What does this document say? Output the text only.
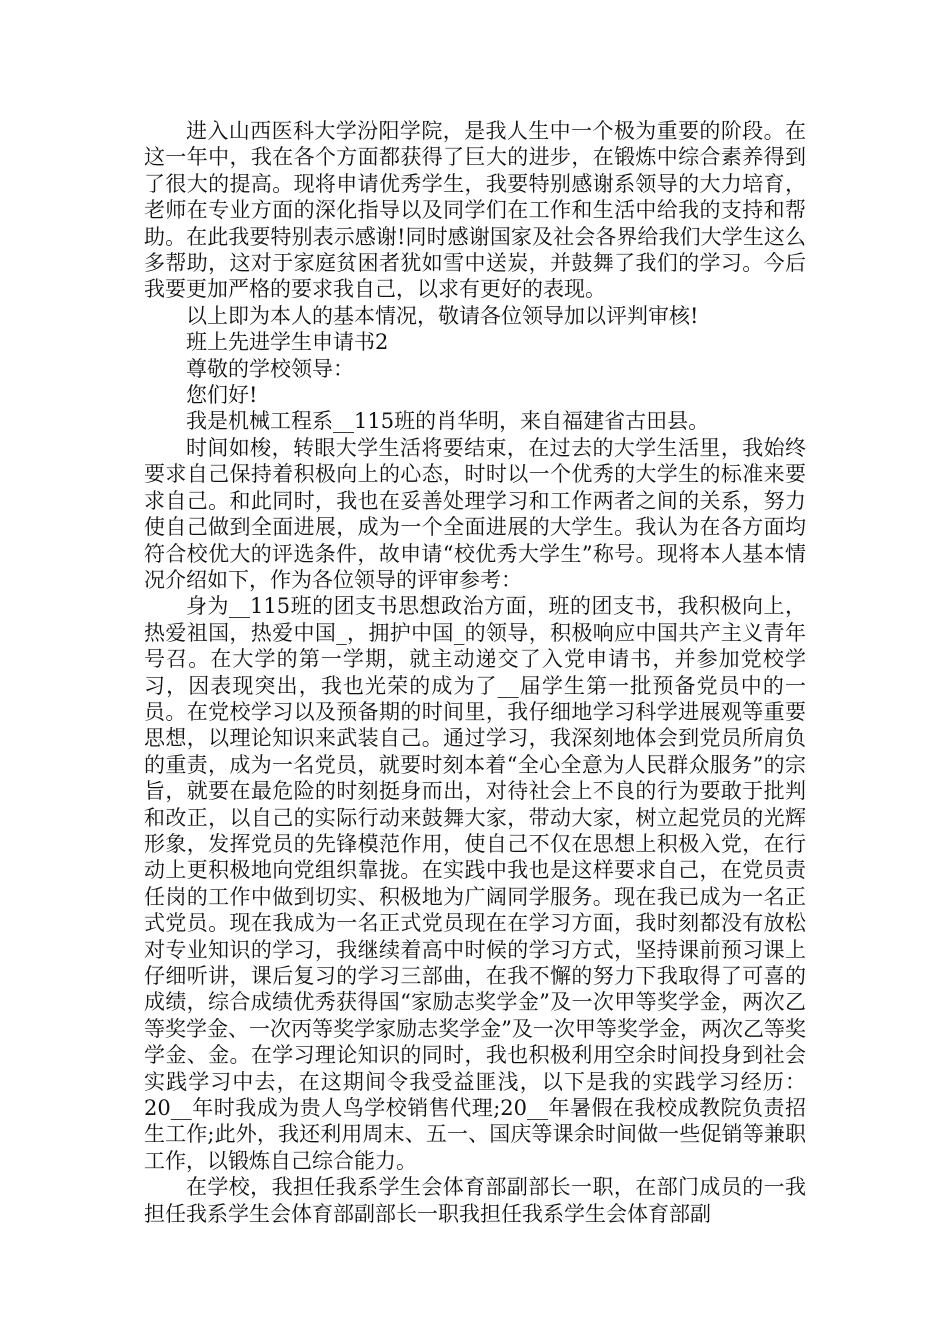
进入山西医科大学汾阳学院，是我人生中一个极为重要的阶段。在这一年中，我在各个方面都获得了巨大的进步，在锻炼中综合素养得到了很大的提高。现将申请优秀学生，我要特别感谢系领导的大力培育，老师在专业方面的深化指导以及同学们在工作和生活中给我的支持和帮助。在此我要特别表示感谢!同时感谢国家及社会各界给我们大学生这么多帮助，这对于家庭贫困者犹如雪中送炭，并鼓舞了我们的学习。今后我要更加严格的要求我自己，以求有更好的表现。

以上即为本人的基本情况，敬请各位领导加以评判审核!

班上先进学生申请书2

尊敬的学校领导：

您们好!

我是机械工程系__115班的肖华明，来自福建省古田县。

时间如梭，转眼大学生活将要结束，在过去的大学生活里，我始终要求自己保持着积极向上的心态，时时以一个优秀的大学生的标准来要求自己。和此同时，我也在妥善处理学习和工作两者之间的关系，努力使自己做到全面进展，成为一个全面进展的大学生。我认为在各方面均符合校优大的评选条件，故申请“校优秀大学生”称号。现将本人基本情况介绍如下，作为各位领导的评审参考：

身为__115班的团支书思想政治方面，班的团支书，我积极向上，热爱祖国，热爱中国_，拥护中国_的领导，积极响应中国共产主义青年号召。在大学的第一学期，就主动递交了入党申请书，并参加党校学习，因表现突出，我也光荣的成为了__届学生第一批预备党员中的一员。在党校学习以及预备期的时间里，我仔细地学习科学进展观等重要思想，以理论知识来武装自己。通过学习，我深刻地体会到党员所肩负的重责，成为一名党员，就要时刻本着“全心全意为人民群众服务”的宗旨，就要在最危险的时刻挺身而出，对待社会上不良的行为要敢于批判和改正，以自己的实际行动来鼓舞大家，带动大家，树立起党员的光辉形象，发挥党员的先锋模范作用，使自己不仅在思想上积极入党，在行动上更积极地向党组织靠拢。在实践中我也是这样要求自己，在党员责任岗的工作中做到切实、积极地为广阔同学服务。现在我已成为一名正式党员。现在我成为一名正式党员现在在学习方面，我时刻都没有放松对专业知识的学习，我继续着高中时候的学习方式，坚持课前预习课上仔细听讲，课后复习的学习三部曲，在我不懈的努力下我取得了可喜的成绩，综合成绩优秀获得国“家励志奖学金”及一次甲等奖学金，两次乙等奖学金、一次丙等奖学家励志奖学金”及一次甲等奖学金，两次乙等奖学金、金。在学习理论知识的同时，我也积极利用空余时间投身到社会实践学习中去，在这期间令我受益匪浅，以下是我的实践学习经历：20__年时我成为贵人鸟学校销售代理;20__年暑假在我校成教院负责招生工作;此外，我还利用周末、五一、国庆等课余时间做一些促销等兼职工作，以锻炼自己综合能力。

在学校，我担任我系学生会体育部副部长一职，在部门成员的一我担任我系学生会体育部副部长一职我担任我系学生会体育部副
